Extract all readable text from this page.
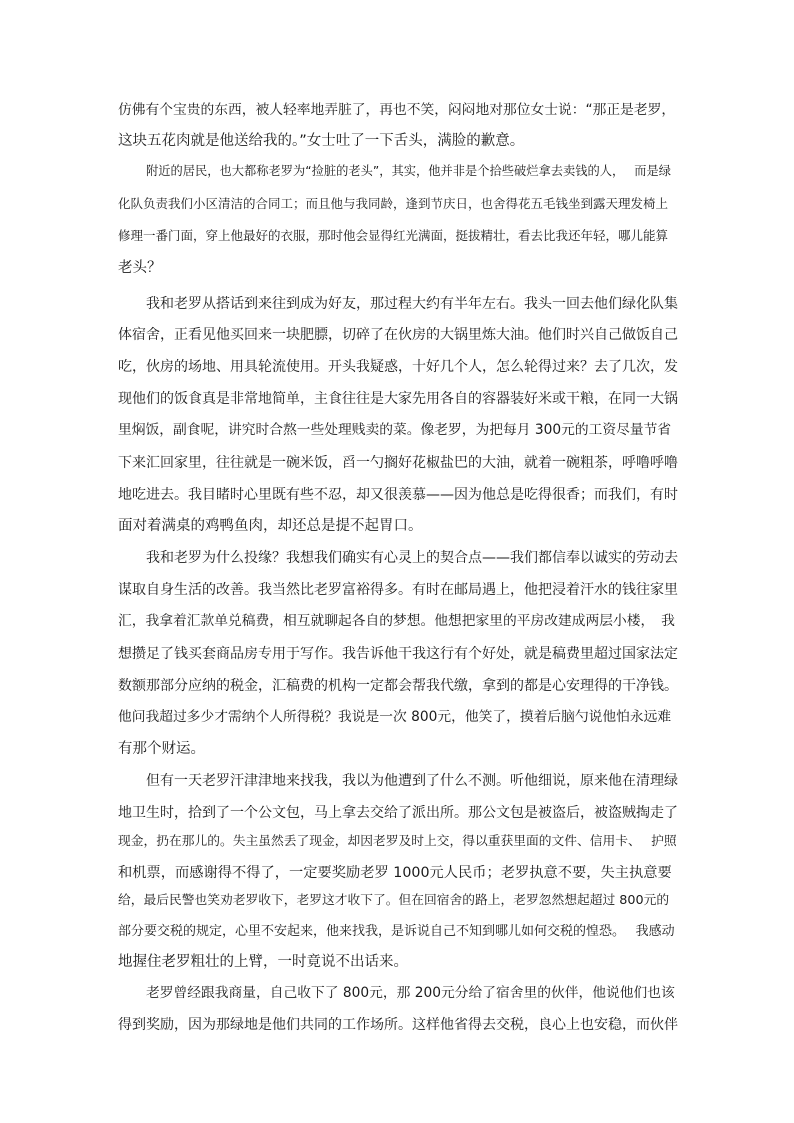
仿佛有个宝贵的东西，被人轻率地弄脏了，再也不笑，闷闷地对那位女士说：“那正是老罗，
这块五花肉就是他送给我的。”女士吐了一下舌头，满脸的歉意。
附近的居民，也大都称老罗为“捡脏的老头”，其实，他并非是个拾些破烂拿去卖钱的人，　 而是绿
化队负责我们小区清洁的合同工；而且他与我同龄，逢到节庆日，也舍得花五毛钱坐到露天理发椅上
修理一番门面，穿上他最好的衣服，那时他会显得红光满面，挺拔精壮，看去比我还年轻，哪儿能算
老头？
我和老罗从搭话到来往到成为好友，那过程大约有半年左右。我头一回去他们绿化队集
体宿舍，正看见他买回来一块肥膘，切碎了在伙房的大锅里炼大油。他们时兴自己做饭自己
吃，伙房的场地、用具轮流使用。开头我疑惑，十好几个人，怎么轮得过来？去了几次，发
现他们的饭食真是非常地简单，主食往往是大家先用各自的容器装好米或干粮，在同一大锅
里焖饭，副食呢，讲究时合熬一些处理贱卖的菜。像老罗，为把每月 300元的工资尽量节省
下来汇回家里，往往就是一碗米饭，舀一勺搁好花椒盐巴的大油，就着一碗粗茶，呼噜呼噜
地吃进去。我目睹时心里既有些不忍，却又很羡慕——因为他总是吃得很香；而我们，有时
面对着满桌的鸡鸭鱼肉，却还总是提不起胃口。
我和老罗为什么投缘？我想我们确实有心灵上的契合点——我们都信奉以诚实的劳动去
谋取自身生活的改善。我当然比老罗富裕得多。有时在邮局遇上，他把浸着汗水的钱往家里
汇，我拿着汇款单兑稿费，相互就聊起各自的梦想。他想把家里的平房改建成两层小楼，　我
想攒足了钱买套商品房专用于写作。我告诉他干我这行有个好处，就是稿费里超过国家法定
数额那部分应纳的税金，汇稿费的机构一定都会帮我代缴，拿到的都是心安理得的干净钱。
他问我超过多少才需纳个人所得税？我说是一次 800元，他笑了，摸着后脑勺说他怕永远难
有那个财运。
但有一天老罗汗津津地来找我，我以为他遭到了什么不测。听他细说，原来他在清理绿
地卫生时，拾到了一个公文包，马上拿去交给了派出所。那公文包是被盗后，被盗贼掏走了
现金，扔在那儿的。失主虽然丢了现金，却因老罗及时上交，得以重获里面的文件、信用卡、　 护照
和机票，而感谢得不得了，一定要奖励老罗 1000元人民币；老罗执意不要，失主执意要
给，最后民警也笑劝老罗收下，老罗这才收下了。但在回宿舍的路上，老罗忽然想起超过 800元的
部分要交税的规定，心里不安起来，他来找我，是诉说自己不知到哪儿如何交税的惶恐。　 我感动
地握住老罗粗壮的上臂，一时竟说不出话来。
老罗曾经跟我商量，自己收下了 800元，那 200元分给了宿舍里的伙伴，他说他们也该
得到奖励，因为那绿地是他们共同的工作场所。这样他省得去交税，良心上也安稳，而伙伴
